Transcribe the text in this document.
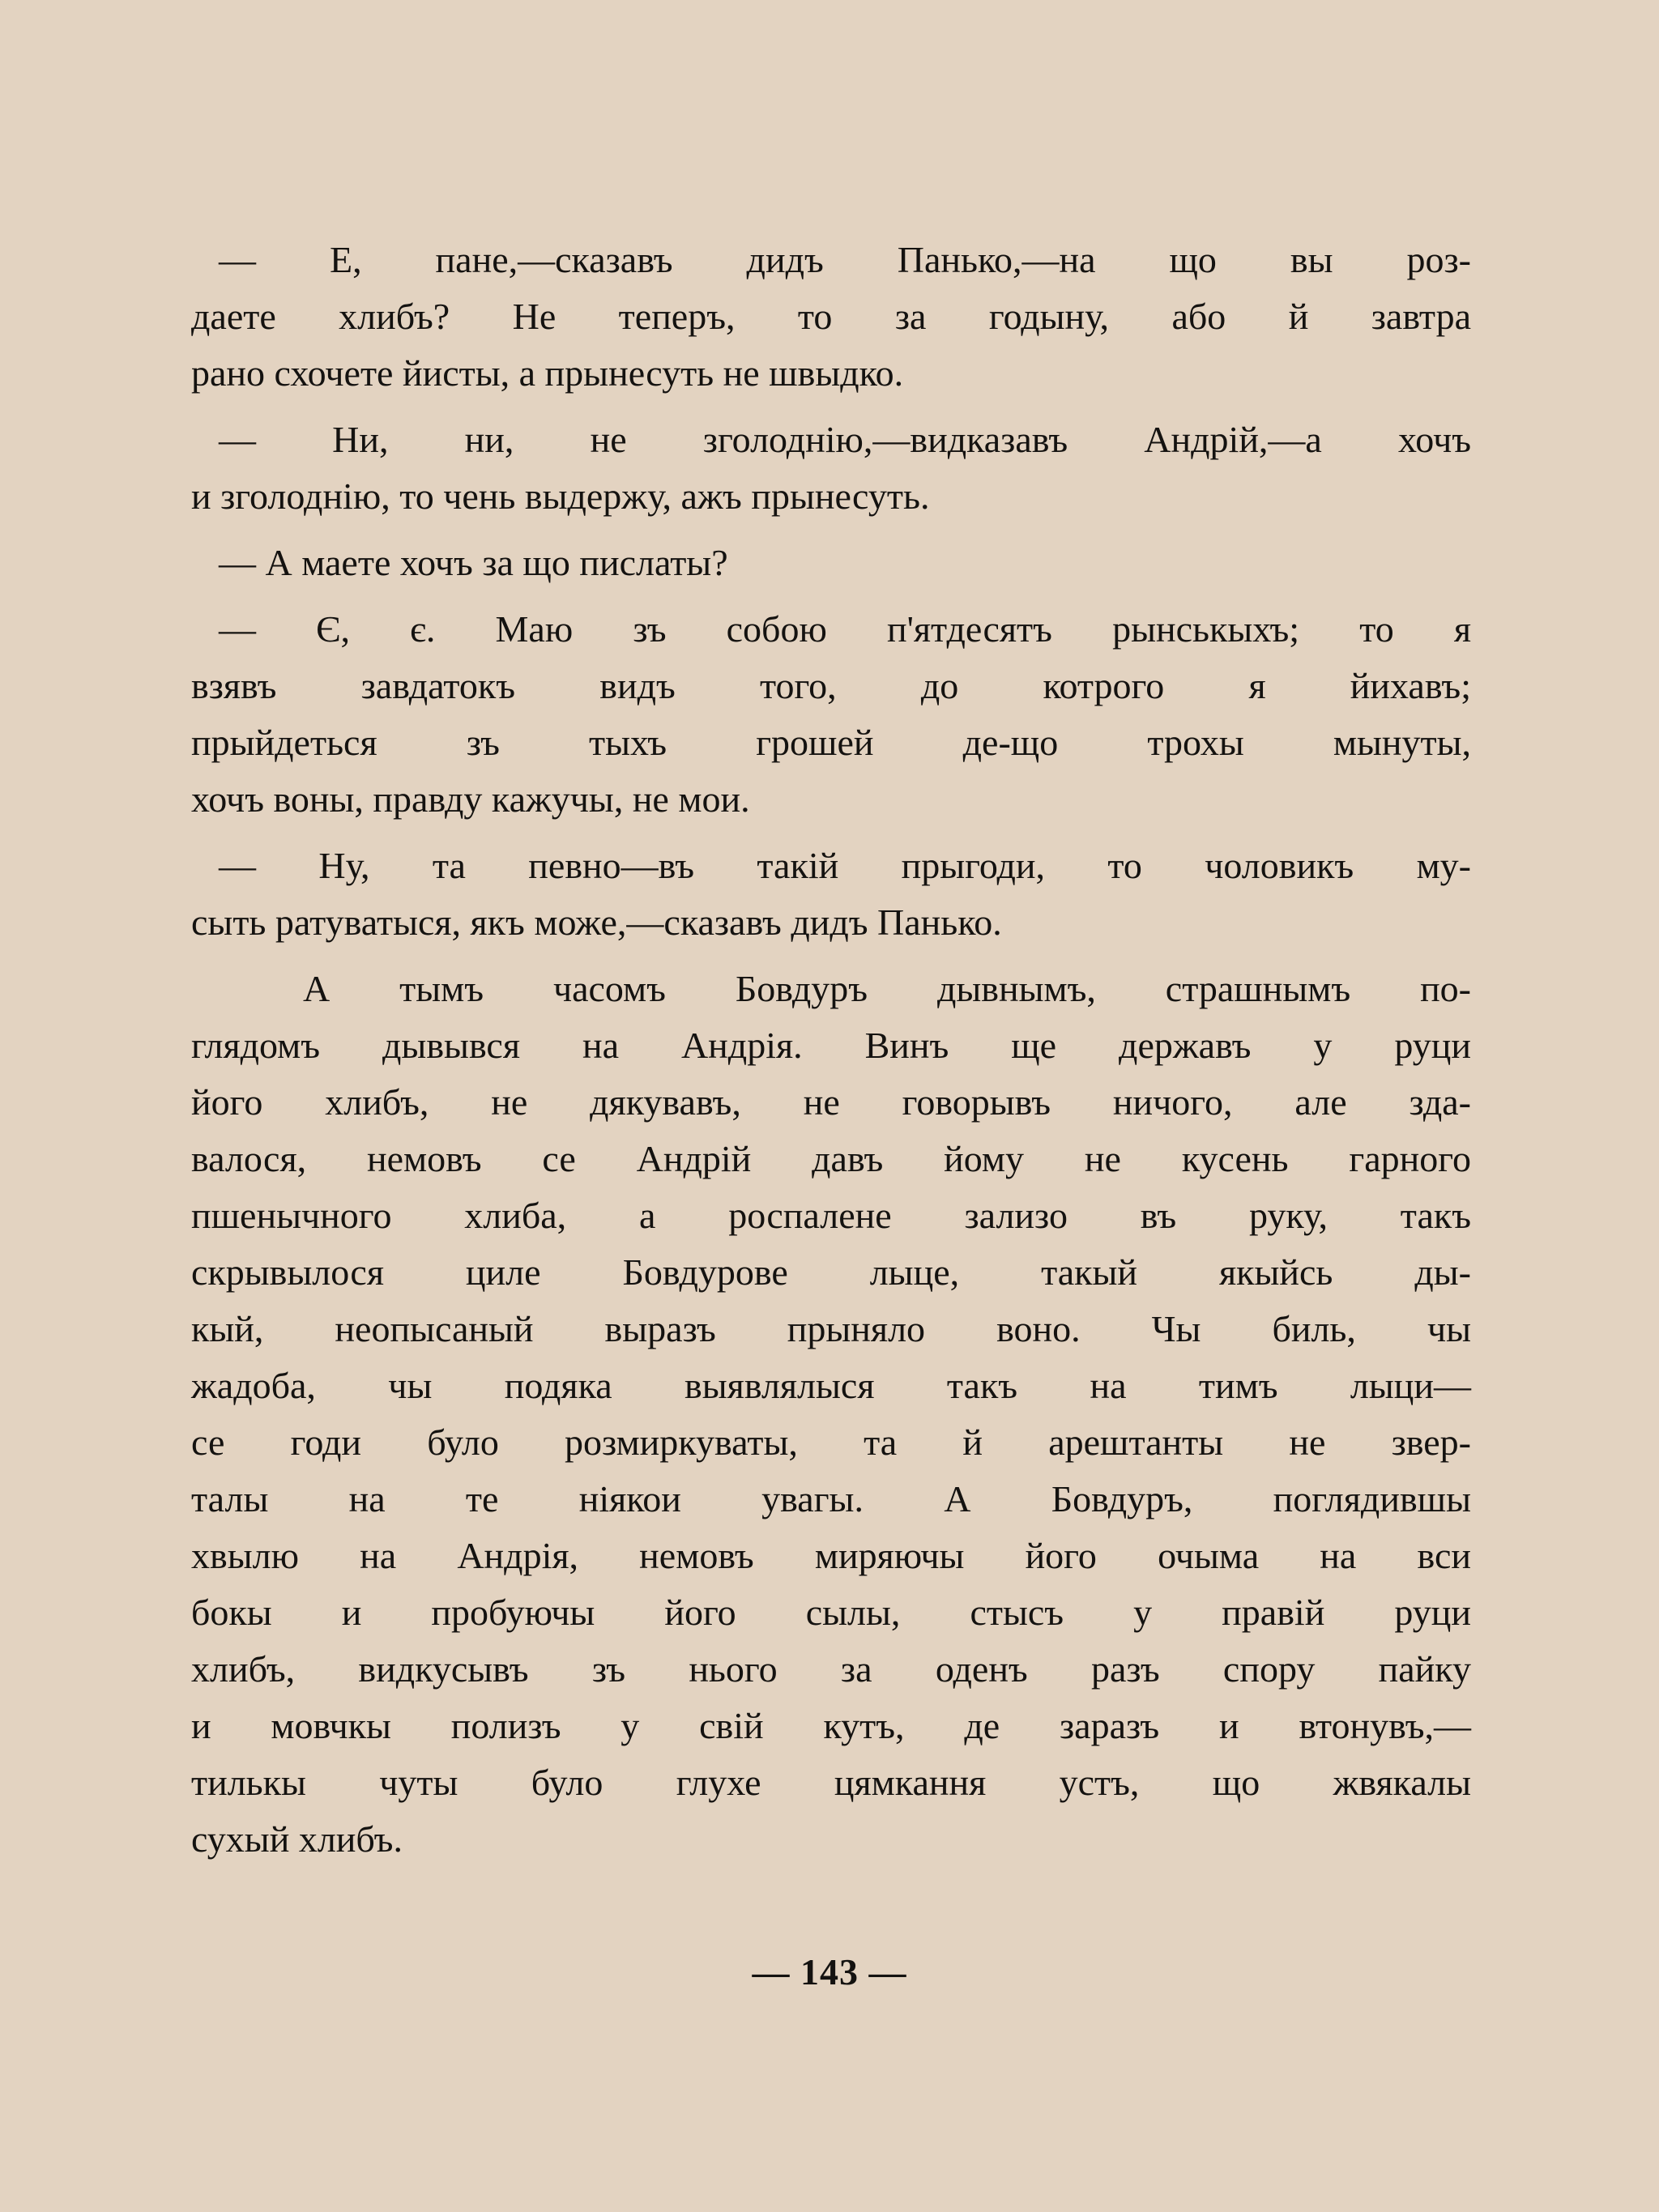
— Е, пане,—сказавъ дидъ Панько,—на що вы роз-
даете хлибъ? Не теперъ, то за годыну, або й завтра
рано схочете йисты, а прынесуть не швыдко.
— Ни, ни, не зголоднію,—видказавъ Андрій,—а хочъ
и зголоднію, то чень выдержу, ажъ прынесуть.
— А маете хочъ за що пислаты?
— Є, є. Маю зъ собою п'ятдесятъ рынськыхъ; то я
взявъ завдатокъ видъ того, до котрого я йихавъ;
прыйдеться зъ тыхъ грошей де-що трохы мынуты,
хочъ воны, правду кажучы, не мои.
— Ну, та певно—въ такій прыгоди, то чоловикъ му-
сыть ратуватыся, якъ може,—сказавъ дидъ Панько.
А тымъ часомъ Бовдуръ дывнымъ, страшнымъ по-
глядомъ дывывся на Андрія. Винъ ще державъ у руци
його хлибъ, не дякувавъ, не говорывъ ничого, але зда-
валося, немовъ се Андрій давъ йому не кусень гарного
пшенычного хлиба, а роспалене зализо въ руку, такъ
скрывылося циле Бовдурове лыце, такый якыйсь ды-
кый, неопысаный выразъ прыняло воно. Чы биль, чы
жадоба, чы подяка выявлялыся такъ на тимъ лыци—
се годи було розмиркуваты, та й арештанты не звер-
талы на те ніякои увагы. А Бовдуръ, поглядившы
хвылю на Андрія, немовъ миряючы його очыма на вси
бокы и пробуючы його сылы, стысъ у правій руци
хлибъ, видкусывъ зъ нього за оденъ разъ спору пайку
и мовчкы полизъ у свій кутъ, де заразъ и втонувъ,—
тилькы чуты було глухе цямкання устъ, що жвякалы
сухый хлибъ.
— 143 —
